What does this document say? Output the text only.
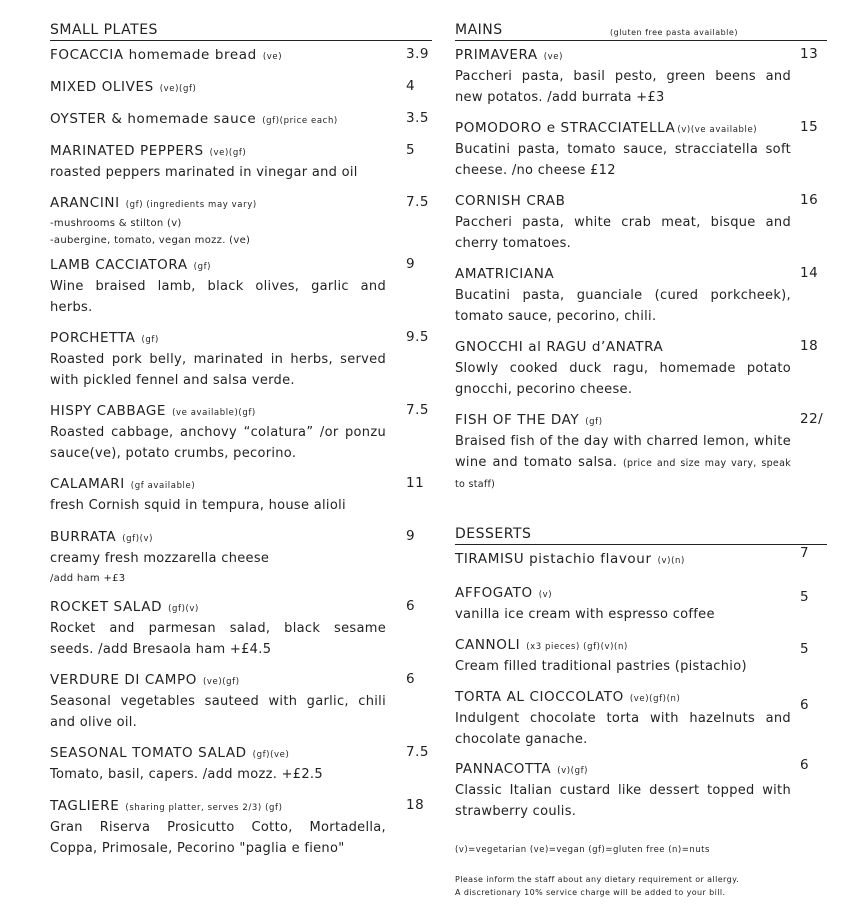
SMALL PLATES
FOCACCIA homemade bread (ve)	3.9
MIXED OLIVES (ve)(gf)	4
OYSTER & homemade sauce (gf)(price each)	3.5
MARINATED PEPPERS (ve)(gf)	5
roasted peppers marinated in vinegar and oil
ARANCINI (gf) (ingredients may vary)	7.5
-mushrooms & stilton (v)
-aubergine, tomato, vegan mozz. (ve)
LAMB CACCIATORA (gf)	9
Wine braised lamb, black olives, garlic and herbs.
PORCHETTA (gf)	9.5
Roasted pork belly, marinated in herbs, served with pickled fennel and salsa verde.
HISPY CABBAGE (ve available)(gf)	7.5
Roasted cabbage, anchovy “colatura” /or ponzu sauce(ve), potato crumbs, pecorino.
CALAMARI (gf available)	11
fresh Cornish squid in tempura, house alioli
BURRATA (gf)(v)	9
creamy fresh mozzarella cheese
/add ham +£3
ROCKET SALAD (gf)(v)	6
Rocket and parmesan salad, black sesame seeds. /add Bresaola ham +£4.5
VERDURE DI CAMPO (ve)(gf)	6
Seasonal vegetables sauteed with garlic, chili and olive oil.
SEASONAL TOMATO SALAD (gf)(ve)	7.5
Tomato, basil, capers. /add mozz. +£2.5
TAGLIERE (sharing platter, serves 2/3) (gf)	18
Gran Riserva Prosicutto Cotto, Mortadella, Coppa, Primosale, Pecorino "paglia e fieno"
MAINS	(gluten free pasta available)
PRIMAVERA (ve)	13
Paccheri pasta, basil pesto, green beens and new potatos. /add burrata +£3
POMODORO e STRACCIATELLA (v)(ve available)	15
Bucatini pasta, tomato sauce, stracciatella soft cheese. /no cheese £12
CORNISH CRAB	16
Paccheri pasta, white crab meat, bisque and cherry tomatoes.
AMATRICIANA	14
Bucatini pasta, guanciale (cured porkcheek), tomato sauce, pecorino, chili.
GNOCCHI al RAGU d’ANATRA	18
Slowly cooked duck ragu, homemade potato gnocchi, pecorino cheese.
FISH OF THE DAY (gf)	22/
Braised fish of the day with charred lemon, white wine and tomato salsa. (price and size may vary, speak to staff)
DESSERTS
TIRAMISU pistachio flavour (v)(n)	7
AFFOGATO (v)	5
vanilla ice cream with espresso coffee
CANNOLI (x3 pieces) (gf)(v)(n)	5
Cream filled traditional pastries (pistachio)
TORTA AL CIOCCOLATO (ve)(gf)(n)	6
Indulgent chocolate torta with hazelnuts and chocolate ganache.
PANNACOTTA (v)(gf)	6
Classic Italian custard like dessert topped with strawberry coulis.
(v)=vegetarian (ve)=vegan (gf)=gluten free (n)=nuts
Please inform the staff about any dietary requirement or allergy.
A discretionary 10% service charge will be added to your bill.
